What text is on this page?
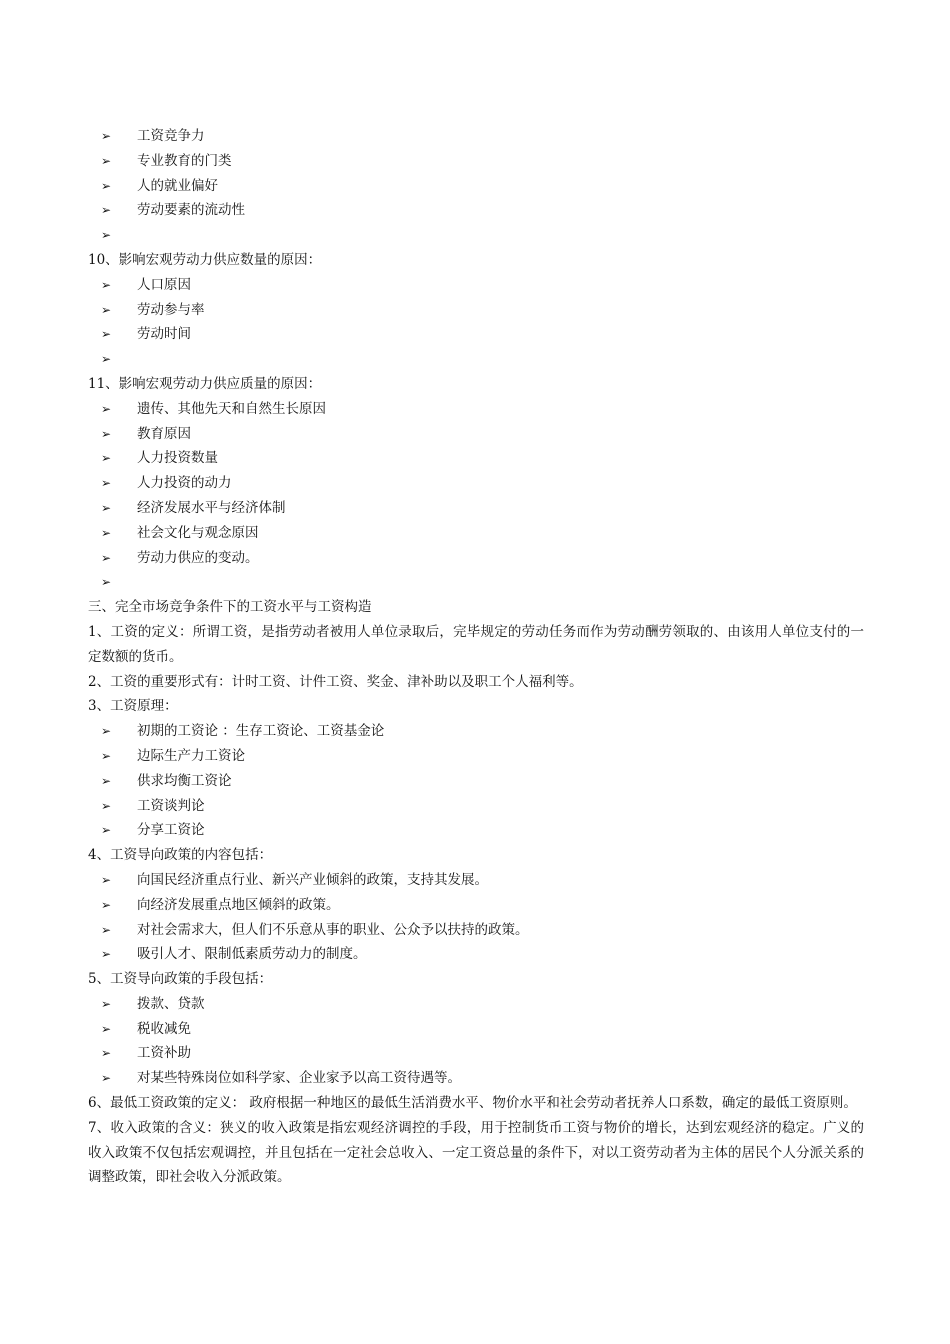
➢	工资竞争力
➢	专业教育的门类
➢	人的就业偏好
➢	劳动要素的流动性
➢
10、影响宏观劳动力供应数量的原因：
➢	人口原因
➢	劳动参与率
➢	劳动时间
➢
11、影响宏观劳动力供应质量的原因：
➢	遗传、其他先天和自然生长原因
➢	教育原因
➢	人力投资数量
➢	人力投资的动力
➢	经济发展水平与经济体制
➢	社会文化与观念原因
➢	劳动力供应的变动。
➢
三、完全市场竞争条件下的工资水平与工资构造
1、工资的定义：所谓工资，是指劳动者被用人单位录取后，完毕规定的劳动任务而作为劳动酬劳领取的、由该用人单位支付的一定数额的货币。
2、工资的重要形式有：计时工资、计件工资、奖金、津补助以及职工个人福利等。
3、工资原理：
➢	初期的工资论 ：生存工资论、工资基金论
➢	边际生产力工资论
➢	供求均衡工资论
➢	工资谈判论
➢	分享工资论
4、工资导向政策的内容包括：
➢	向国民经济重点行业、新兴产业倾斜的政策，支持其发展。
➢	向经济发展重点地区倾斜的政策。
➢	对社会需求大，但人们不乐意从事的职业、公众予以扶持的政策。
➢	吸引人才、限制低素质劳动力的制度。
5、工资导向政策的手段包括：
➢	拨款、贷款
➢	税收减免
➢	工资补助
➢	对某些特殊岗位如科学家、企业家予以高工资待遇等。
6、最低工资政策的定义： 政府根据一种地区的最低生活消费水平、物价水平和社会劳动者抚养人口系数，确定的最低工资原则。
7、收入政策的含义：狭义的收入政策是指宏观经济调控的手段，用于控制货币工资与物价的增长，达到宏观经济的稳定。广义的收入政策不仅包括宏观调控，并且包括在一定社会总收入、一定工资总量的条件下，对以工资劳动者为主体的居民个人分派关系的调整政策，即社会收入分派政策。
